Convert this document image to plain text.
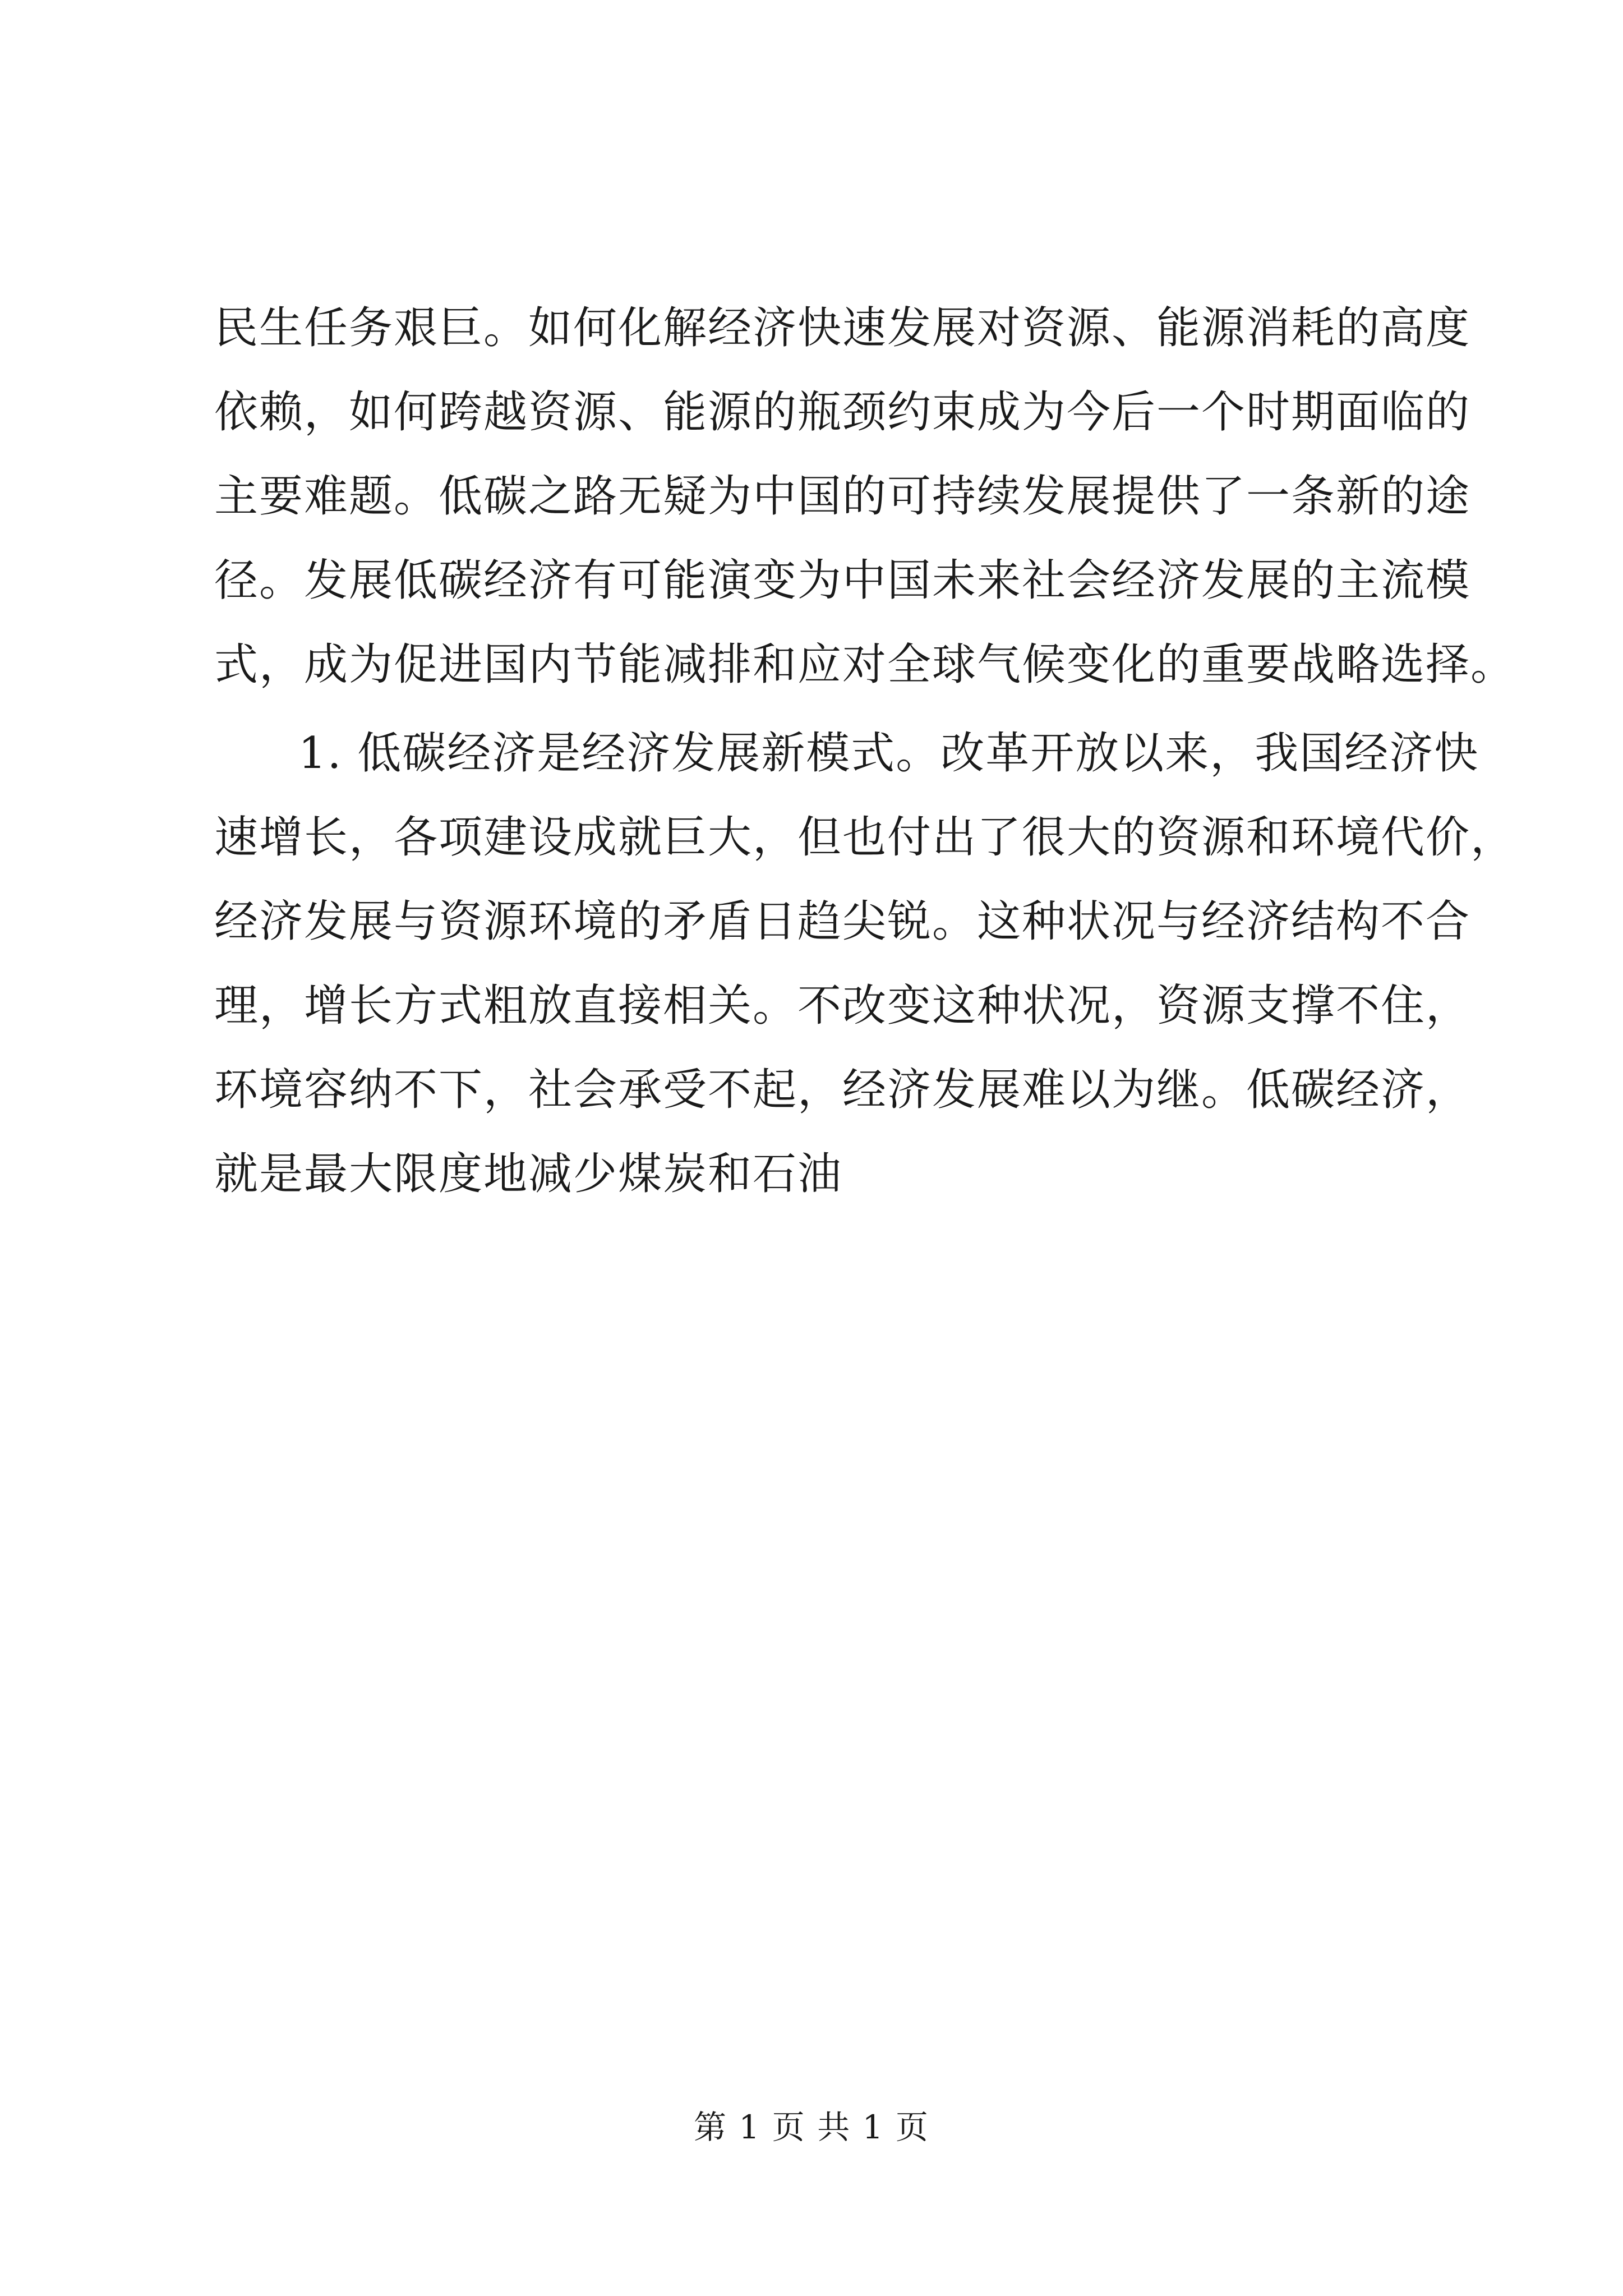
民生任务艰巨。如何化解经济快速发展对资源、能源消耗的高度
依赖，如何跨越资源、能源的瓶颈约束成为今后一个时期面临的
主要难题。低碳之路无疑为中国的可持续发展提供了一条新的途
径。发展低碳经济有可能演变为中国未来社会经济发展的主流模
式，成为促进国内节能减排和应对全球气候变化的重要战略选择。
1. 低碳经济是经济发展新模式。改革开放以来，我国经济快
速增长，各项建设成就巨大，但也付出了很大的资源和环境代价，
经济发展与资源环境的矛盾日趋尖锐。这种状况与经济结构不合
理，增长方式粗放直接相关。不改变这种状况，资源支撑不住，
环境容纳不下，社会承受不起，经济发展难以为继。低碳经济，
就是最大限度地减少煤炭和石油
第 1 页 共 1 页
